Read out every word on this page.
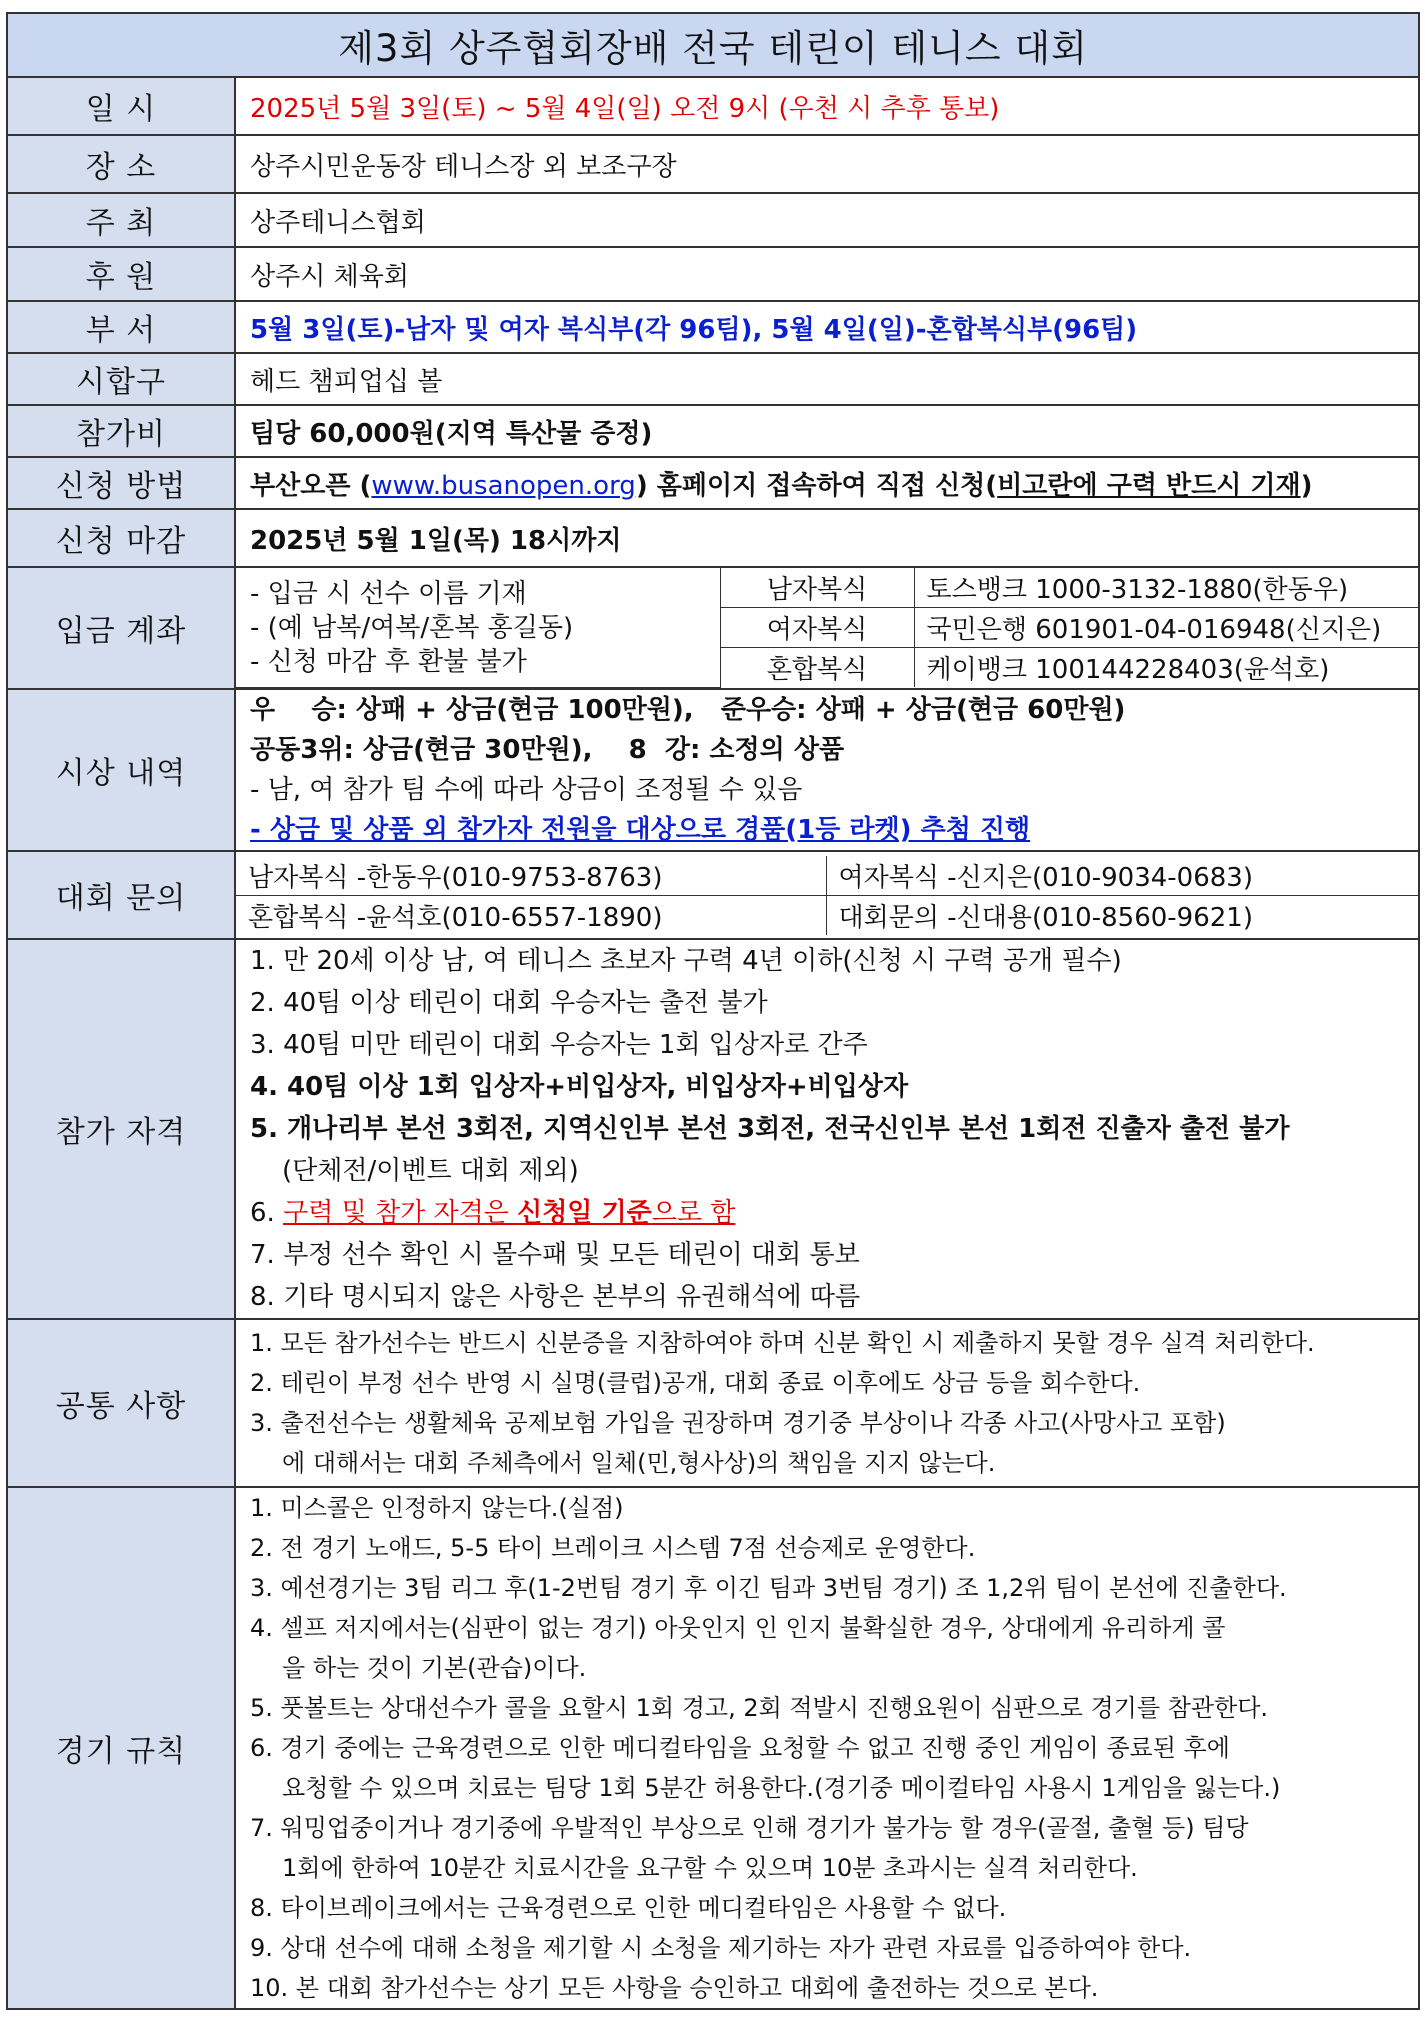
제3회 상주협회장배 전국 테린이 테니스 대회
일 시	2025년 5월 3일(토) ~ 5월 4일(일) 오전 9시 (우천 시 추후 통보)
장 소	상주시민운동장 테니스장 외 보조구장
주 최	상주테니스협회
후 원	상주시 체육회
부 서	5월 3일(토)-남자 및 여자 복식부(각 96팀), 5월 4일(일)-혼합복식부(96팀)
시합구	헤드 챔피업십 볼
참가비	팀당 60,000원(지역 특산물 증정)
신청 방법	부산오픈 (www.busanopen.org) 홈페이지 접속하여 직접 신청(비고란에 구력 반드시 기재)
신청 마감	2025년 5월 1일(목) 18시까지
입금 계좌	
- 입금 시 선수 이름 기재
- (예 남복/여복/혼복 홍길동)
- 신청 마감 후 환불 불가
	남자복식	토스뱅크 1000-3132-1880(한동우)
여자복식	국민은행 601901-04-016948(신지은)
혼합복식	케이뱅크 100144228403(윤석호)

시상 내역	
우    승: 상패 + 상금(현금 100만원),   준우승: 상패 + 상금(현금 60만원)
공동3위: 상금(현금 30만원),    8  강: 소정의 상품
- 남, 여 참가 팀 수에 따라 상금이 조정될 수 있음
- 상금 및 상품 외 참가자 전원을 대상으로 경품(1등 라켓) 추첨 진행

대회 문의	
남자복식 -한동우(010-9753-8763)	여자복식 -신지은(010-9034-0683)
혼합복식 -윤석호(010-6557-1890)	대회문의 -신대용(010-8560-9621)

참가 자격	
1. 만 20세 이상 남, 여 테니스 초보자 구력 4년 이하(신청 시 구력 공개 필수)
2. 40팀 이상 테린이 대회 우승자는 출전 불가
3. 40팀 미만 테린이 대회 우승자는 1회 입상자로 간주
4. 40팀 이상 1회 입상자+비입상자, 비입상자+비입상자
5. 개나리부 본선 3회전, 지역신인부 본선 3회전, 전국신인부 본선 1회전 진출자 출전 불가
(단체전/이벤트 대회 제외)
6. 구력 및 참가 자격은 신청일 기준으로 함
7. 부정 선수 확인 시 몰수패 및 모든 테린이 대회 통보
8. 기타 명시되지 않은 사항은 본부의 유권해석에 따름

공통 사항	
1. 모든 참가선수는 반드시 신분증을 지참하여야 하며 신분 확인 시 제출하지 못할 경우 실격 처리한다.
2. 테린이 부정 선수 반영 시 실명(클럽)공개, 대회 종료 이후에도 상금 등을 회수한다.
3. 출전선수는 생활체육 공제보험 가입을 권장하며 경기중 부상이나 각종 사고(사망사고 포함)
에 대해서는 대회 주체측에서 일체(민,형사상)의 책임을 지지 않는다.

경기 규칙	
1. 미스콜은 인정하지 않는다.(실점)
2. 전 경기 노애드, 5-5 타이 브레이크 시스템 7점 선승제로 운영한다.
3. 예선경기는 3팀 리그 후(1-2번팀 경기 후 이긴 팀과 3번팀 경기) 조 1,2위 팀이 본선에 진출한다.
4. 셀프 저지에서는(심판이 없는 경기) 아웃인지 인 인지 불확실한 경우, 상대에게 유리하게 콜
을 하는 것이 기본(관습)이다.
5. 풋볼트는 상대선수가 콜을 요할시 1회 경고, 2회 적발시 진행요원이 심판으로 경기를 참관한다.
6. 경기 중에는 근육경련으로 인한 메디컬타임을 요청할 수 없고 진행 중인 게임이 종료된 후에
요청할 수 있으며 치료는 팀당 1회 5분간 허용한다.(경기중 메이컬타임 사용시 1게임을 잃는다.)
7. 워밍업중이거나 경기중에 우발적인 부상으로 인해 경기가 불가능 할 경우(골절, 출혈 등) 팀당
1회에 한하여 10분간 치료시간을 요구할 수 있으며 10분 초과시는 실격 처리한다.
8. 타이브레이크에서는 근육경련으로 인한 메디컬타임은 사용할 수 없다.
9. 상대 선수에 대해 소청을 제기할 시 소청을 제기하는 자가 관련 자료를 입증하여야 한다.
10. 본 대회 참가선수는 상기 모든 사항을 승인하고 대회에 출전하는 것으로 본다.
